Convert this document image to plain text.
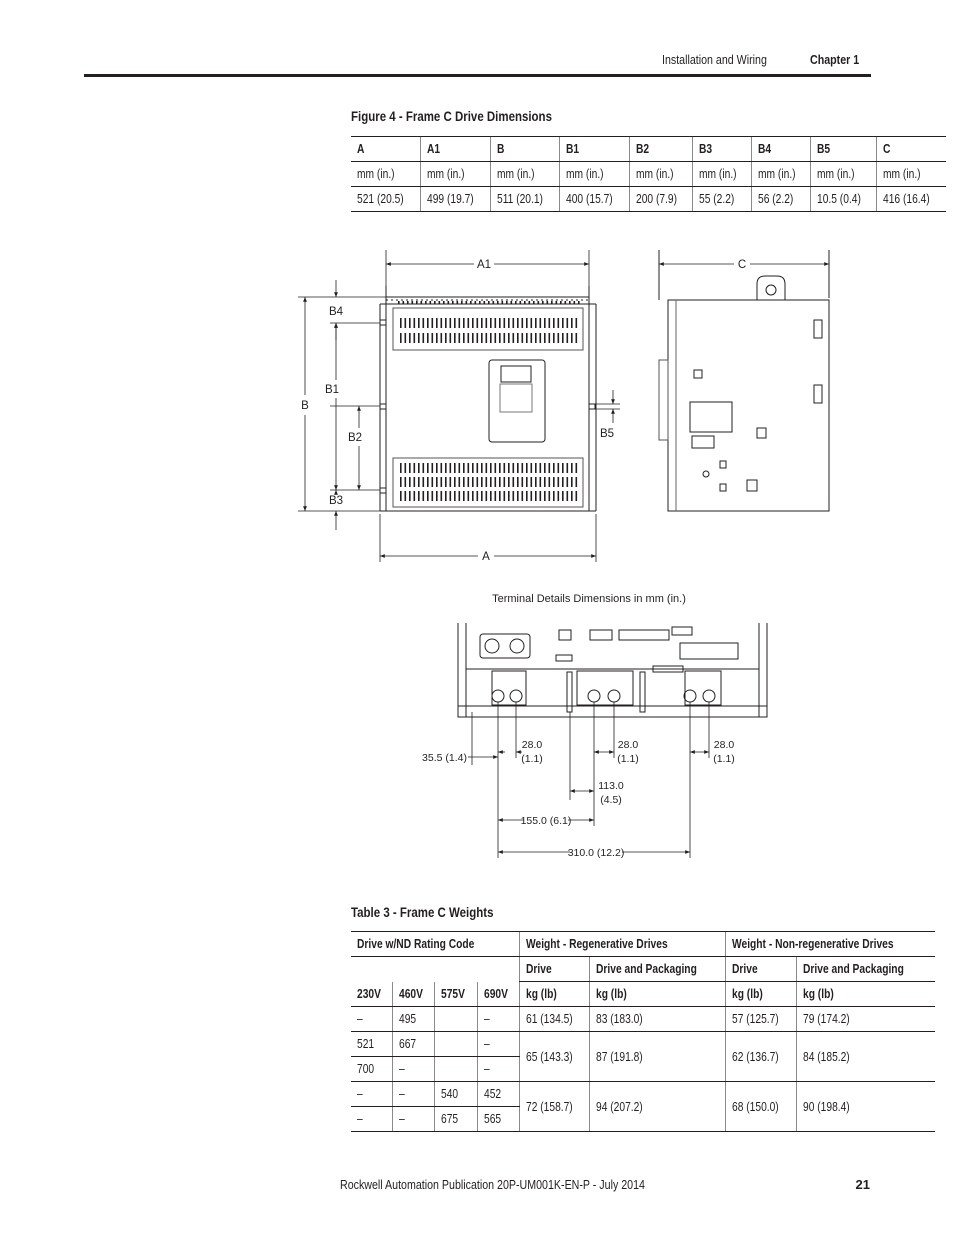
Installation and Wiring	Chapter 1
Figure 4 - Frame C Drive Dimensions
A	A1	B	B1	B2	B3	B4	B5	C
mm (in.)	mm (in.)	mm (in.)	mm (in.)	mm (in.)	mm (in.)	mm (in.)	mm (in.)	mm (in.)
521 (20.5)	499 (19.7)	511 (20.1)	400 (15.7)	200 (7.9)	55 (2.2)	56 (2.2)	10.5 (0.4)	416 (16.4)
A1
A
B
B4
B1
B2
B3
B5
C
Terminal Details Dimensions in mm (in.)
35.5 (1.4)
28.0
(1.1)
28.0
(1.1)
28.0
(1.1)
113.0
(4.5)
155.0 (6.1)
310.0 (12.2)
Table 3 - Frame C Weights
Drive w/ND Rating Code				Weight - Regenerative Drives		Weight - Non-regenerative Drives	
				Drive	Drive and Packaging	Drive	Drive and Packaging
230V	460V	575V	690V	kg (lb)	kg (lb)	kg (lb)	kg (lb)
–	495		–	61 (134.5)	83 (183.0)	57 (125.7)	79 (174.2)
521	667		–	65 (143.3)	87 (191.8)	62 (136.7)	84 (185.2)
700	–		–				
–	–	540	452	72 (158.7)	94 (207.2)	68 (150.0)	90 (198.4)
–	–	675	565				
Rockwell Automation Publication 20P-UM001K-EN-P - July 2014	21
